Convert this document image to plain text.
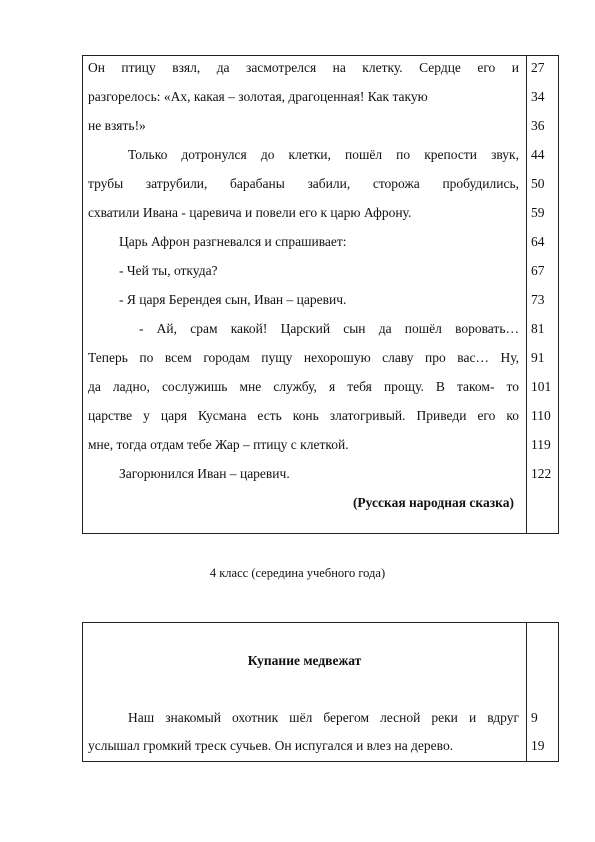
Он птицу взял, да засмотрелся на клетку. Сердце его и
разгорелось: «Ах, какая – золотая, драгоценная! Как такую
не взять!»
Только дотронулся до клетки, пошёл по крепости звук,
трубы затрубили, барабаны забили, сторожа пробудились,
схватили Ивана - царевича и повели его к царю Афрону.
Царь Афрон разгневался и спрашивает:
- Чей ты, откуда?
- Я царя Берендея сын, Иван – царевич.
- Ай, срам какой! Царский сын да пошёл воровать…
Теперь по всем городам пущу нехорошую славу про вас… Ну,
да ладно, сослужишь мне службу, я тебя прощу. В таком- то
царстве у царя Кусмана есть конь златогривый. Приведи его ко
мне, тогда отдам тебе Жар – птицу с клеткой.
Загорюнился Иван – царевич.
(Русская народная сказка)
27
34
36
44
50
59
64
67
73
81
91
101
110
119
122
4 класс (середина учебного года)
Купание медвежат
Наш знакомый охотник шёл берегом лесной реки и вдруг
услышал громкий треск сучьев. Он испугался и влез на дерево.
9
19
